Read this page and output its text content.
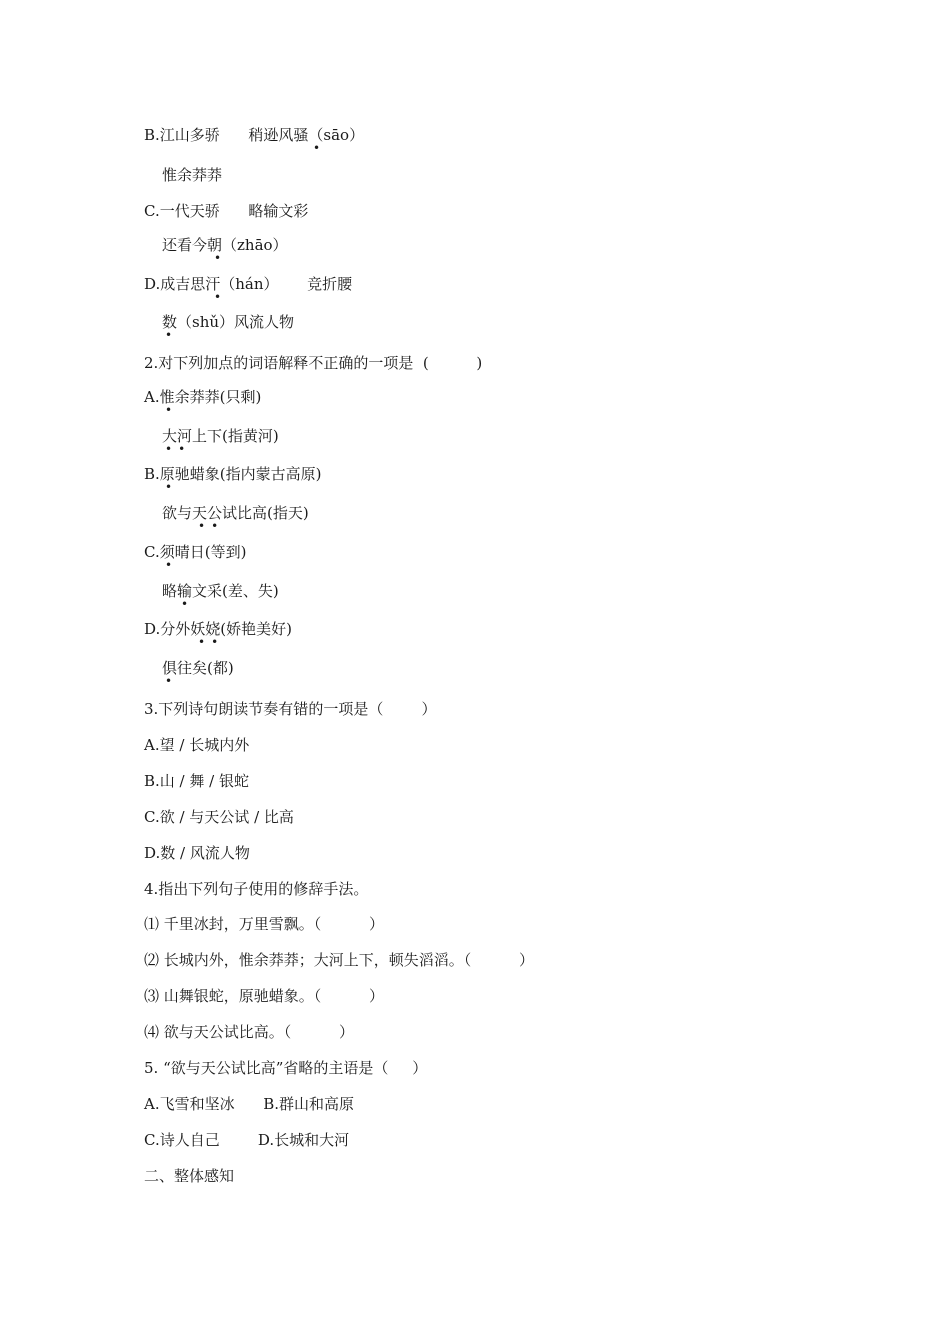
B.江山多骄      稍逊风骚（sāo）
•
惟余莽莽
C.一代天骄      略输文彩
还看今朝（zhāo）
•
D.成吉思汗（hán）      竞折腰
•
数（shǔ）风流人物
•
2.对下列加点的词语解释不正确的一项是  (          )
A.惟余莽莽(只剩)
•
大河上下(指黄河)
••
B.原驰蜡象(指内蒙古高原)
•
欲与天公试比高(指天)
••
C.须晴日(等到)
•
略输文采(差、失)
•
D.分外妖娆(娇艳美好)
••
俱往矣(都)
•
3.下列诗句朗读节奏有错的一项是（        ）
A.望 / 长城内外
B.山 / 舞 / 银蛇
C.欲 / 与天公试 / 比高
D.数 / 风流人物
4.指出下列句子使用的修辞手法。
⑴ 千里冰封，万里雪飘。（          ）
⑵ 长城内外，惟余莽莽；大河上下，顿失滔滔。（          ）
⑶ 山舞银蛇，原驰蜡象。（          ）
⑷ 欲与天公试比高。（          ）
5. “欲与天公试比高”省略的主语是（     ）
A.飞雪和坚冰      B.群山和高原
C.诗人自己        D.长城和大河
二、整体感知
